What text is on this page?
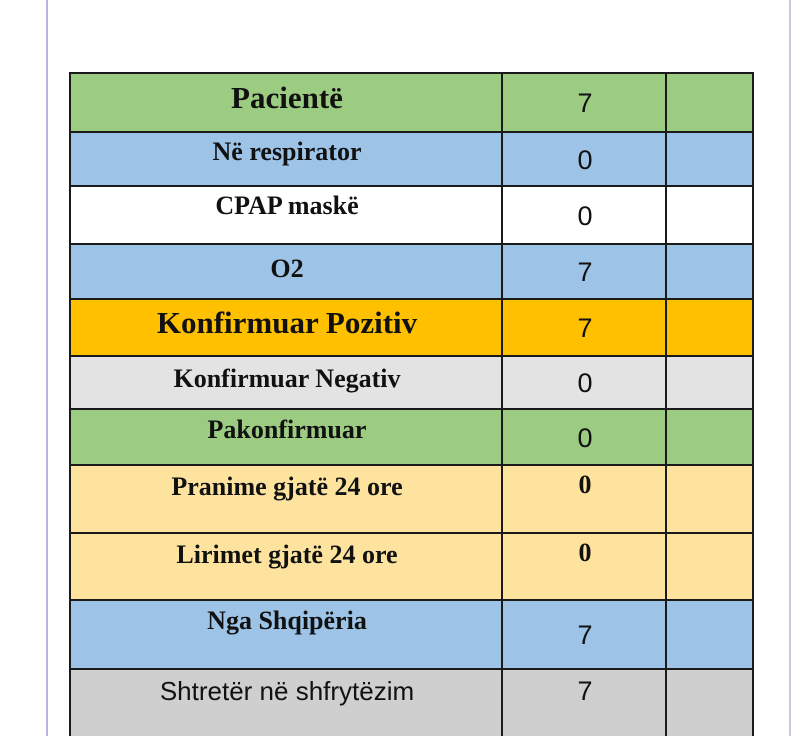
Pacientë	7
Në respirator	0
CPAP maskë	0
O2	7
Konfirmuar Pozitiv	7
Konfirmuar Negativ	0
Pakonfirmuar	0
Pranime gjatë 24 ore	0
Lirimet gjatë 24 ore	0
Nga Shqipëria	7
Shtretër në shfrytëzim	7
